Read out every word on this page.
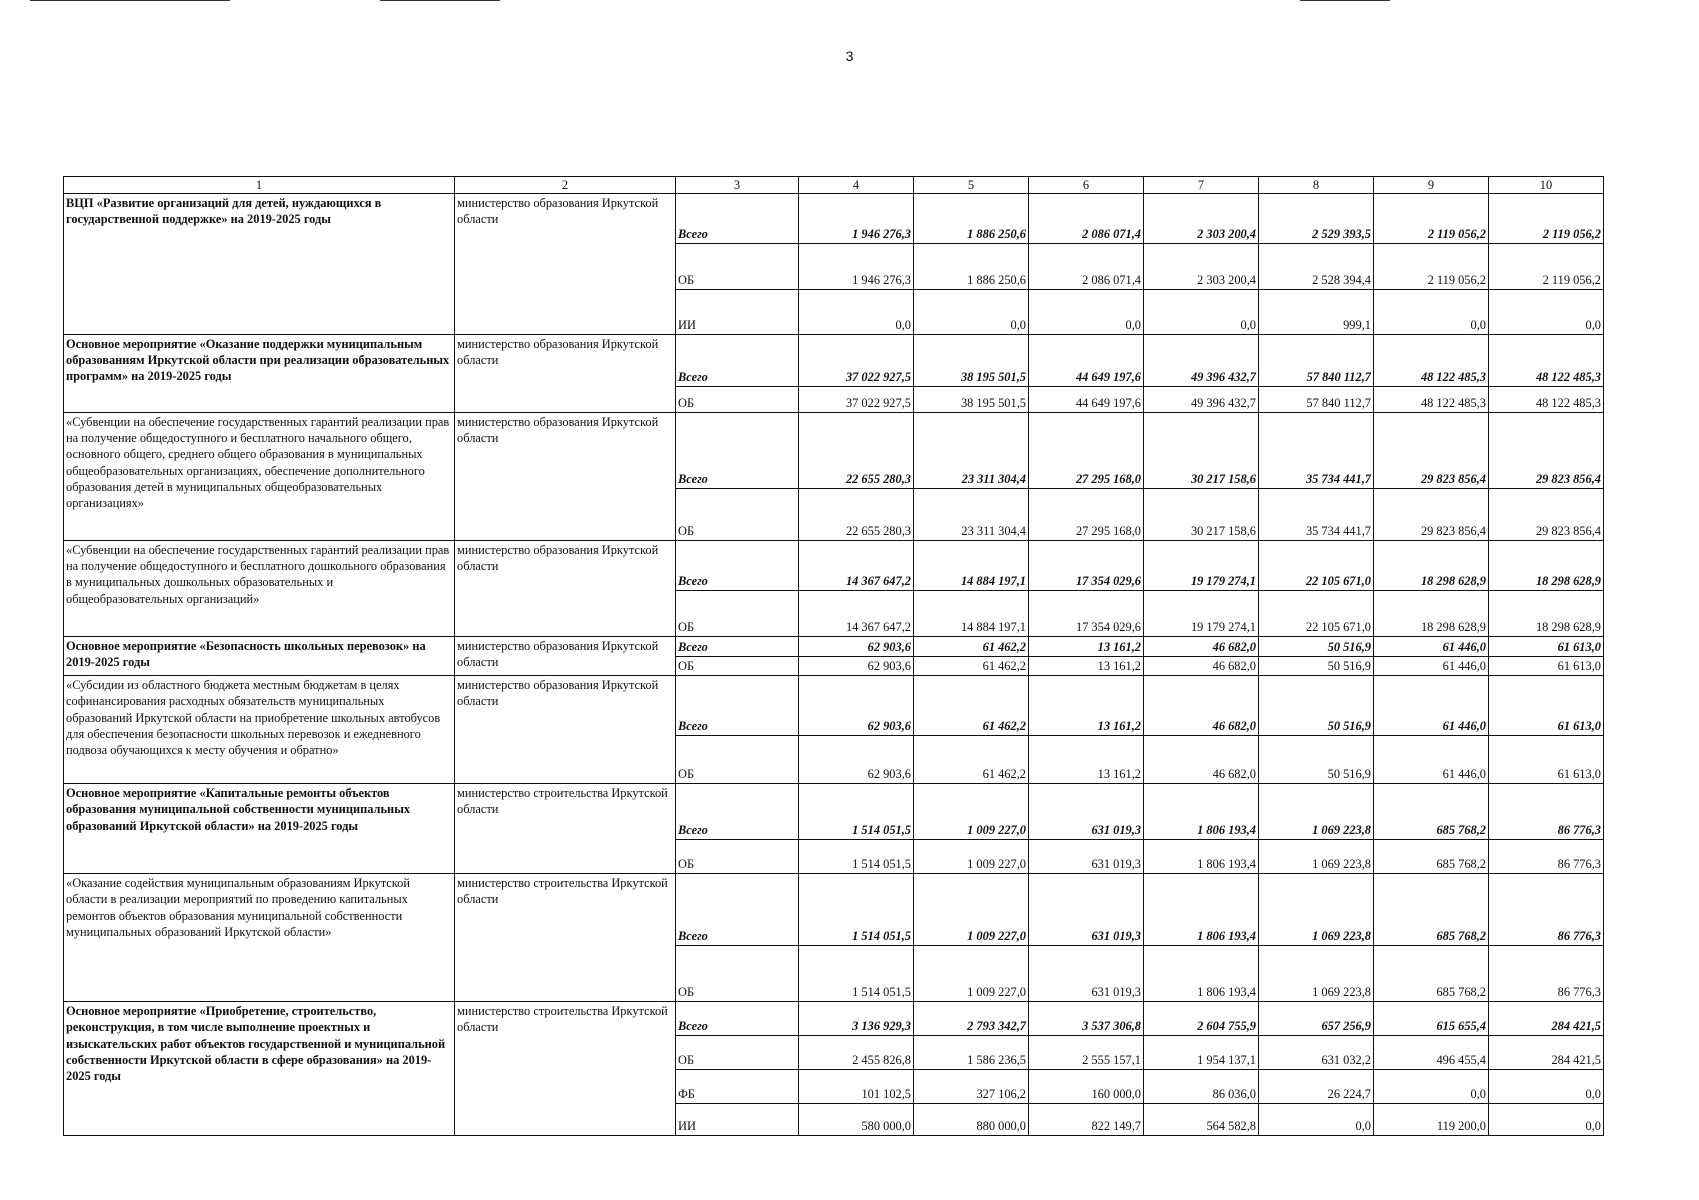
3
1	2	3	4	5	6	7	8	9	10

ВЦП «Развитие организаций для детей, нуждающихся в государственной поддержке» на 2019-2025 годы	министерство образования Иркутской области	Всего	1 946 276,3	1 886 250,6	2 086 071,4	2 303 200,4	2 529 393,5	2 119 056,2	2 119 056,2
		ОБ	1 946 276,3	1 886 250,6	2 086 071,4	2 303 200,4	2 528 394,4	2 119 056,2	2 119 056,2
		ИИ	0,0	0,0	0,0	0,0	999,1	0,0	0,0

Основное мероприятие «Оказание поддержки муниципальным образованиям Иркутской области при реализации образовательных программ» на 2019-2025 годы	министерство образования Иркутской области	Всего	37 022 927,5	38 195 501,5	44 649 197,6	49 396 432,7	57 840 112,7	48 122 485,3	48 122 485,3
		ОБ	37 022 927,5	38 195 501,5	44 649 197,6	49 396 432,7	57 840 112,7	48 122 485,3	48 122 485,3

«Субвенции на обеспечение государственных гарантий реализации прав на получение общедоступного и бесплатного начального общего, основного общего, среднего общего образования в муниципальных общеобразовательных организациях, обеспечение дополнительного образования детей в муниципальных общеобразовательных организациях»	министерство образования Иркутской области	Всего	22 655 280,3	23 311 304,4	27 295 168,0	30 217 158,6	35 734 441,7	29 823 856,4	29 823 856,4
		ОБ	22 655 280,3	23 311 304,4	27 295 168,0	30 217 158,6	35 734 441,7	29 823 856,4	29 823 856,4

«Субвенции на обеспечение государственных гарантий реализации прав на получение общедоступного и бесплатного дошкольного образования в муниципальных дошкольных образовательных и общеобразовательных организаций»	министерство образования Иркутской области	Всего	14 367 647,2	14 884 197,1	17 354 029,6	19 179 274,1	22 105 671,0	18 298 628,9	18 298 628,9
		ОБ	14 367 647,2	14 884 197,1	17 354 029,6	19 179 274,1	22 105 671,0	18 298 628,9	18 298 628,9

Основное мероприятие «Безопасность школьных перевозок» на 2019-2025 годы	министерство образования Иркутской области	Всего	62 903,6	61 462,2	13 161,2	46 682,0	50 516,9	61 446,0	61 613,0
		ОБ	62 903,6	61 462,2	13 161,2	46 682,0	50 516,9	61 446,0	61 613,0

«Субсидии из областного бюджета местным бюджетам в целях софинансирования расходных обязательств муниципальных образований Иркутской области на приобретение школьных автобусов для обеспечения безопасности школьных перевозок и ежедневного подвоза обучающихся к месту обучения и обратно»	министерство образования Иркутской области	Всего	62 903,6	61 462,2	13 161,2	46 682,0	50 516,9	61 446,0	61 613,0
		ОБ	62 903,6	61 462,2	13 161,2	46 682,0	50 516,9	61 446,0	61 613,0

Основное мероприятие «Капитальные ремонты объектов образования муниципальной собственности муниципальных образований Иркутской области» на 2019-2025 годы	министерство строительства Иркутской области	Всего	1 514 051,5	1 009 227,0	631 019,3	1 806 193,4	1 069 223,8	685 768,2	86 776,3
		ОБ	1 514 051,5	1 009 227,0	631 019,3	1 806 193,4	1 069 223,8	685 768,2	86 776,3

«Оказание содействия муниципальным образованиям Иркутской области в реализации мероприятий по проведению капитальных ремонтов объектов образования муниципальной собственности муниципальных образований Иркутской области»	министерство строительства Иркутской области	Всего	1 514 051,5	1 009 227,0	631 019,3	1 806 193,4	1 069 223,8	685 768,2	86 776,3
		ОБ	1 514 051,5	1 009 227,0	631 019,3	1 806 193,4	1 069 223,8	685 768,2	86 776,3

Основное мероприятие «Приобретение, строительство, реконструкция, в том числе выполнение проектных и изыскательских работ объектов государственной и муниципальной собственности Иркутской области в сфере образования» на 2019-2025 годы	министерство строительства Иркутской области	Всего	3 136 929,3	2 793 342,7	3 537 306,8	2 604 755,9	657 256,9	615 655,4	284 421,5
		ОБ	2 455 826,8	1 586 236,5	2 555 157,1	1 954 137,1	631 032,2	496 455,4	284 421,5
		ФБ	101 102,5	327 106,2	160 000,0	86 036,0	26 224,7	0,0	0,0
		ИИ	580 000,0	880 000,0	822 149,7	564 582,8	0,0	119 200,0	0,0
